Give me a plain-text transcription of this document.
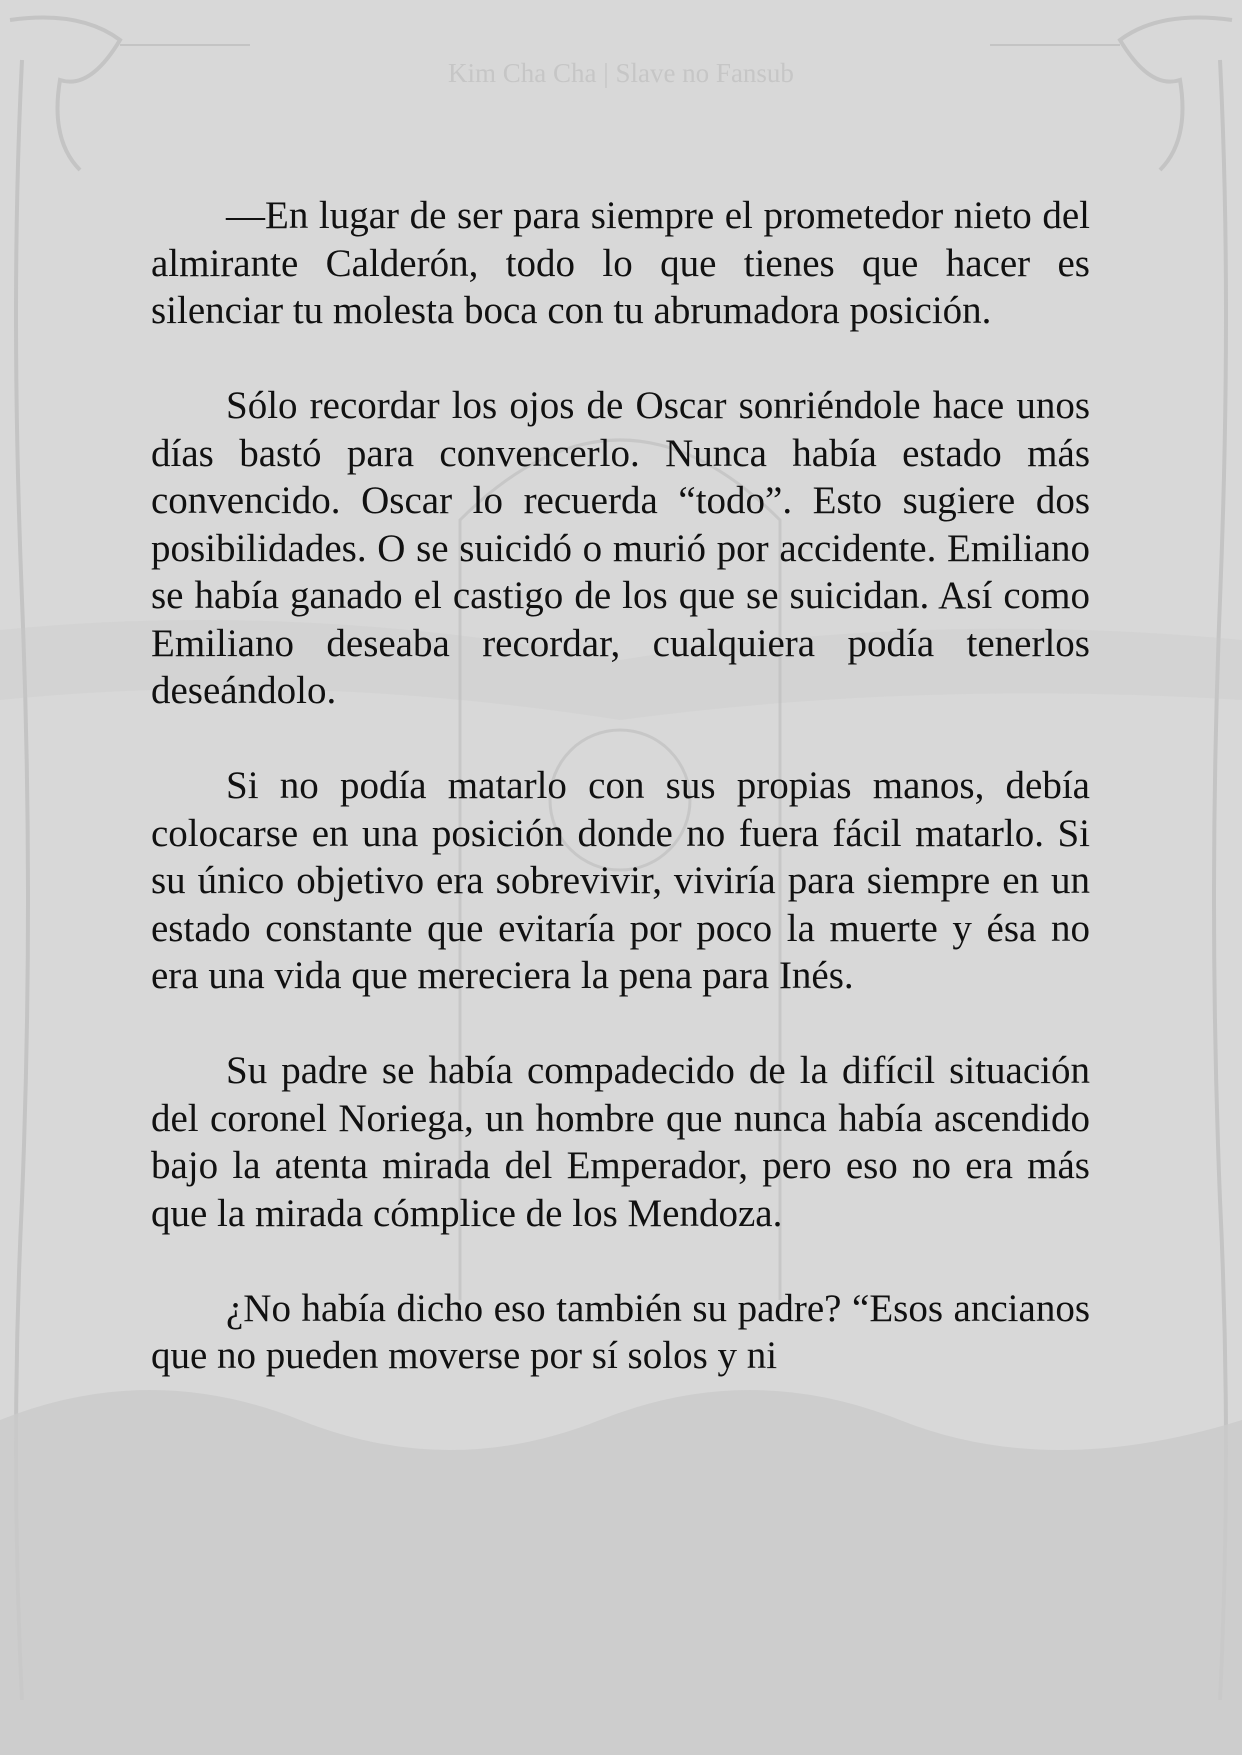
Kim Cha Cha | Slave no Fansub

—En lugar de ser para siempre el prometedor nieto del almirante Calderón, todo lo que tienes que hacer es silenciar tu molesta boca con tu abrumadora posición.

Sólo recordar los ojos de Oscar sonriéndole hace unos días bastó para convencerlo. Nunca había estado más convencido. Oscar lo recuerda “todo”. Esto sugiere dos posibilidades. O se suicidó o murió por accidente. Emiliano se había ganado el castigo de los que se suicidan. Así como Emiliano deseaba recordar, cualquiera podía tenerlos deseándolo.

Si no podía matarlo con sus propias manos, debía colocarse en una posición donde no fuera fácil matarlo. Si su único objetivo era sobrevivir, viviría para siempre en un estado constante que evitaría por poco la muerte y ésa no era una vida que mereciera la pena para Inés.

Su padre se había compadecido de la difícil situación del coronel Noriega, un hombre que nunca había ascendido bajo la atenta mirada del Emperador, pero eso no era más que la mirada cómplice de los Mendoza.

¿No había dicho eso también su padre? “Esos ancianos que no pueden moverse por sí solos y ni
